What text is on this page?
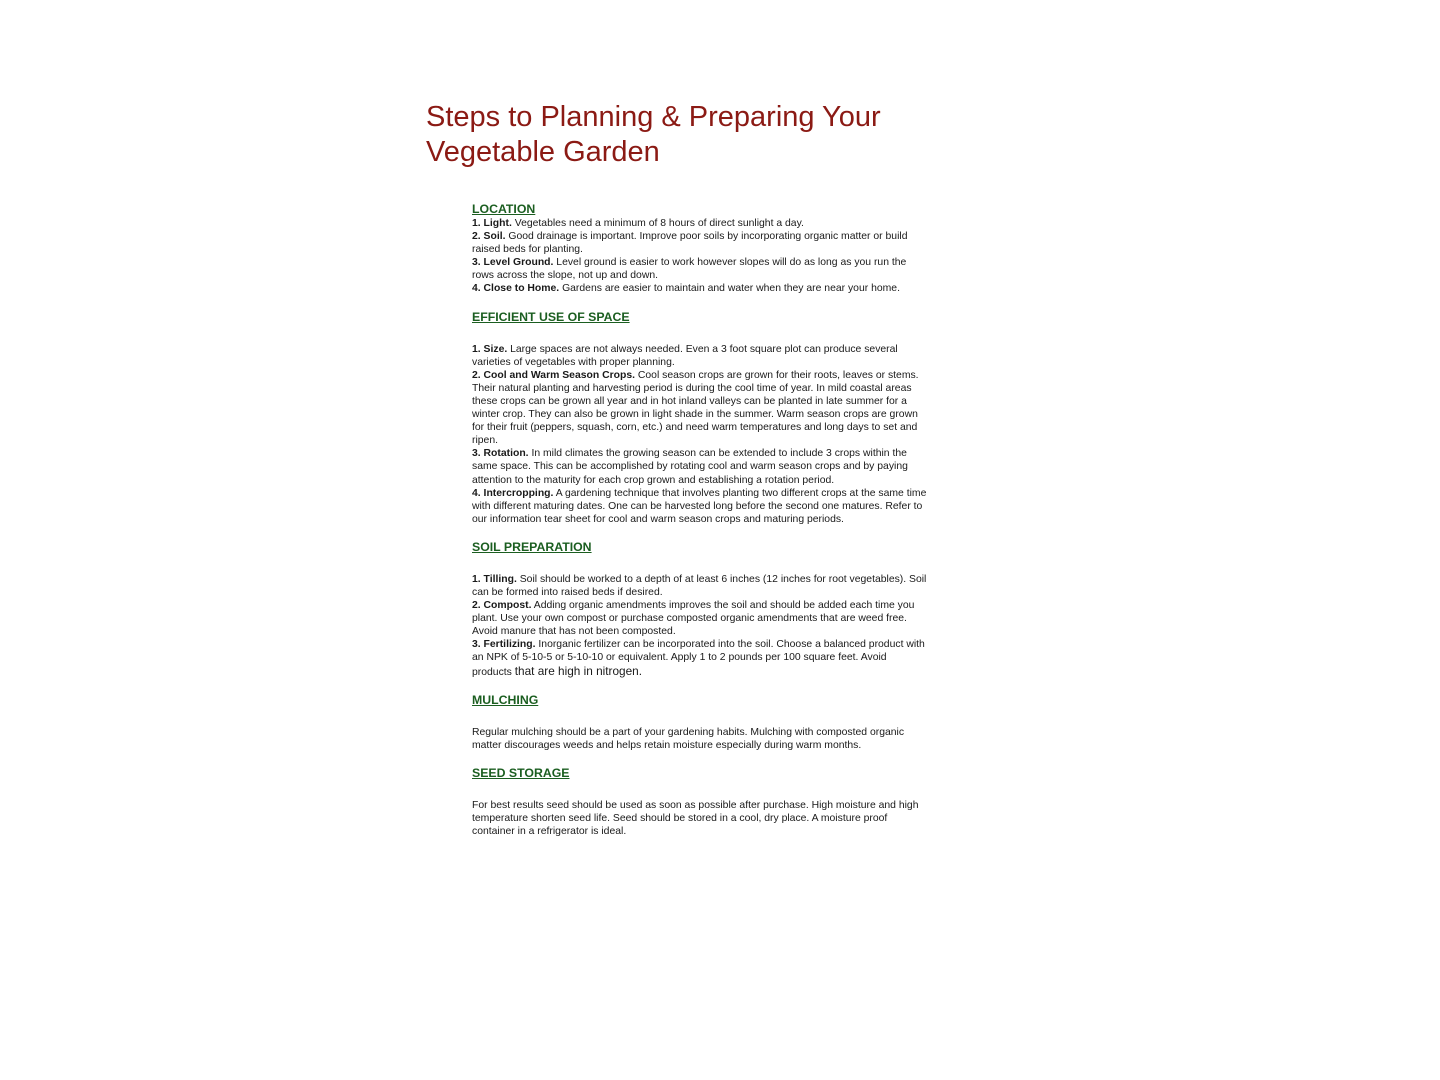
Steps to Planning & Preparing Your
Vegetable Garden
LOCATION
1. Light. Vegetables need a minimum of 8 hours of direct sunlight a day.
2. Soil. Good drainage is important. Improve poor soils by incorporating organic matter or build
raised beds for planting.
3. Level Ground. Level ground is easier to work however slopes will do as long as you run the
rows across the slope, not up and down.
4. Close to Home. Gardens are easier to maintain and water when they are near your home.
EFFICIENT USE OF SPACE
1. Size. Large spaces are not always needed. Even a 3 foot square plot can produce several
varieties of vegetables with proper planning.
2. Cool and Warm Season Crops. Cool season crops are grown for their roots, leaves or stems.
Their natural planting and harvesting period is during the cool time of year. In mild coastal areas
these crops can be grown all year and in hot inland valleys can be planted in late summer for a
winter crop. They can also be grown in light shade in the summer. Warm season crops are grown
for their fruit (peppers, squash, corn, etc.) and need warm temperatures and long days to set and
ripen.
3. Rotation. In mild climates the growing season can be extended to include 3 crops within the
same space. This can be accomplished by rotating cool and warm season crops and by paying
attention to the maturity for each crop grown and establishing a rotation period.
4. Intercropping. A gardening technique that involves planting two different crops at the same time
with different maturing dates. One can be harvested long before the second one matures. Refer to
our information tear sheet for cool and warm season crops and maturing periods.
SOIL PREPARATION
1. Tilling. Soil should be worked to a depth of at least 6 inches (12 inches for root vegetables). Soil
can be formed into raised beds if desired.
2. Compost. Adding organic amendments improves the soil and should be added each time you
plant. Use your own compost or purchase composted organic amendments that are weed free.
Avoid manure that has not been composted.
3. Fertilizing. Inorganic fertilizer can be incorporated into the soil. Choose a balanced product with
an NPK of 5-10-5 or 5-10-10 or equivalent. Apply 1 to 2 pounds per 100 square feet. Avoid
products that are high in nitrogen.
MULCHING
Regular mulching should be a part of your gardening habits. Mulching with composted organic
matter discourages weeds and helps retain moisture especially during warm months.
SEED STORAGE
For best results seed should be used as soon as possible after purchase. High moisture and high
temperature shorten seed life. Seed should be stored in a cool, dry place. A moisture proof
container in a refrigerator is ideal.
